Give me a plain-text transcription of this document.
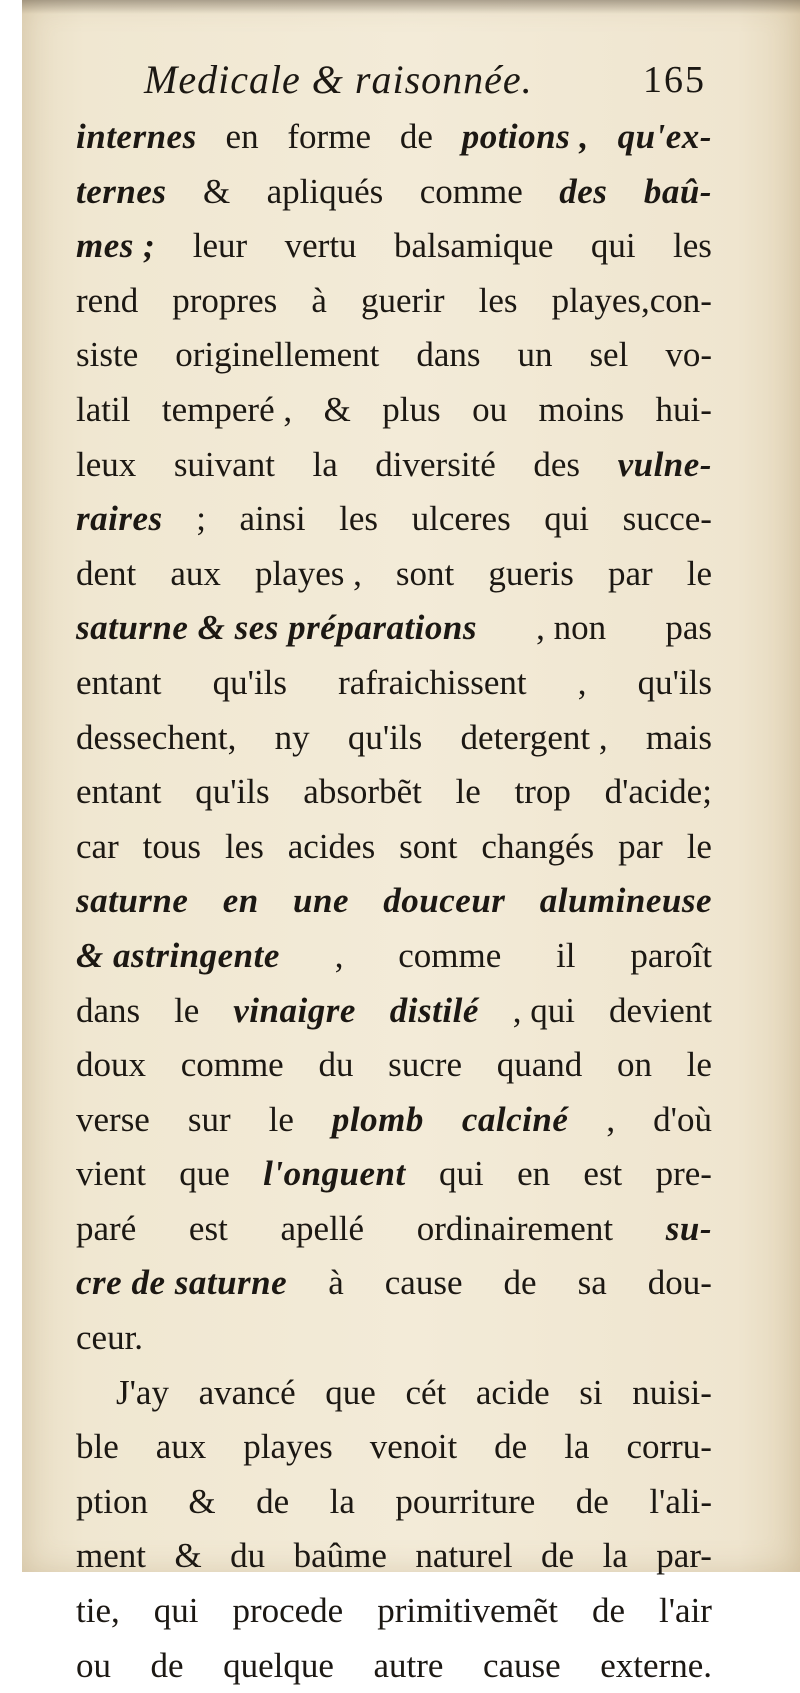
Medicale & raisonnée.	165
internes en forme de potions , qu'ex-
ternes & apliqués comme des baû-
mes ; leur vertu balsamique qui les
rend propres à guerir les playes,con-
siste originellement dans un sel vo-
latil temperé , & plus ou moins hui-
leux suivant la diversité des vulne-
raires ; ainsi les ulceres qui succe-
dent aux playes , sont gueris par le
saturne & ses préparations , non pas
entant qu'ils rafraichissent , qu'ils
dessechent, ny qu'ils detergent , mais
entant qu'ils absorbẽt le trop d'acide;
car tous les acides sont changés par le
saturne en une douceur alumineuse
& astringente , comme il paroît
dans le vinaigre distilé , qui devient
doux comme du sucre quand on le
verse sur le plomb calciné , d'où
vient que l'onguent qui en est pre-
paré est apellé ordinairement su-
cre de saturne à cause de sa dou-
ceur.
J'ay avancé que cét acide si nuisi-
ble aux playes venoit de la corru-
ption & de la pourriture de l'ali-
ment & du baûme naturel de la par-
tie, qui procede primitivemẽt de l'air
ou de quelque autre cause externe.
